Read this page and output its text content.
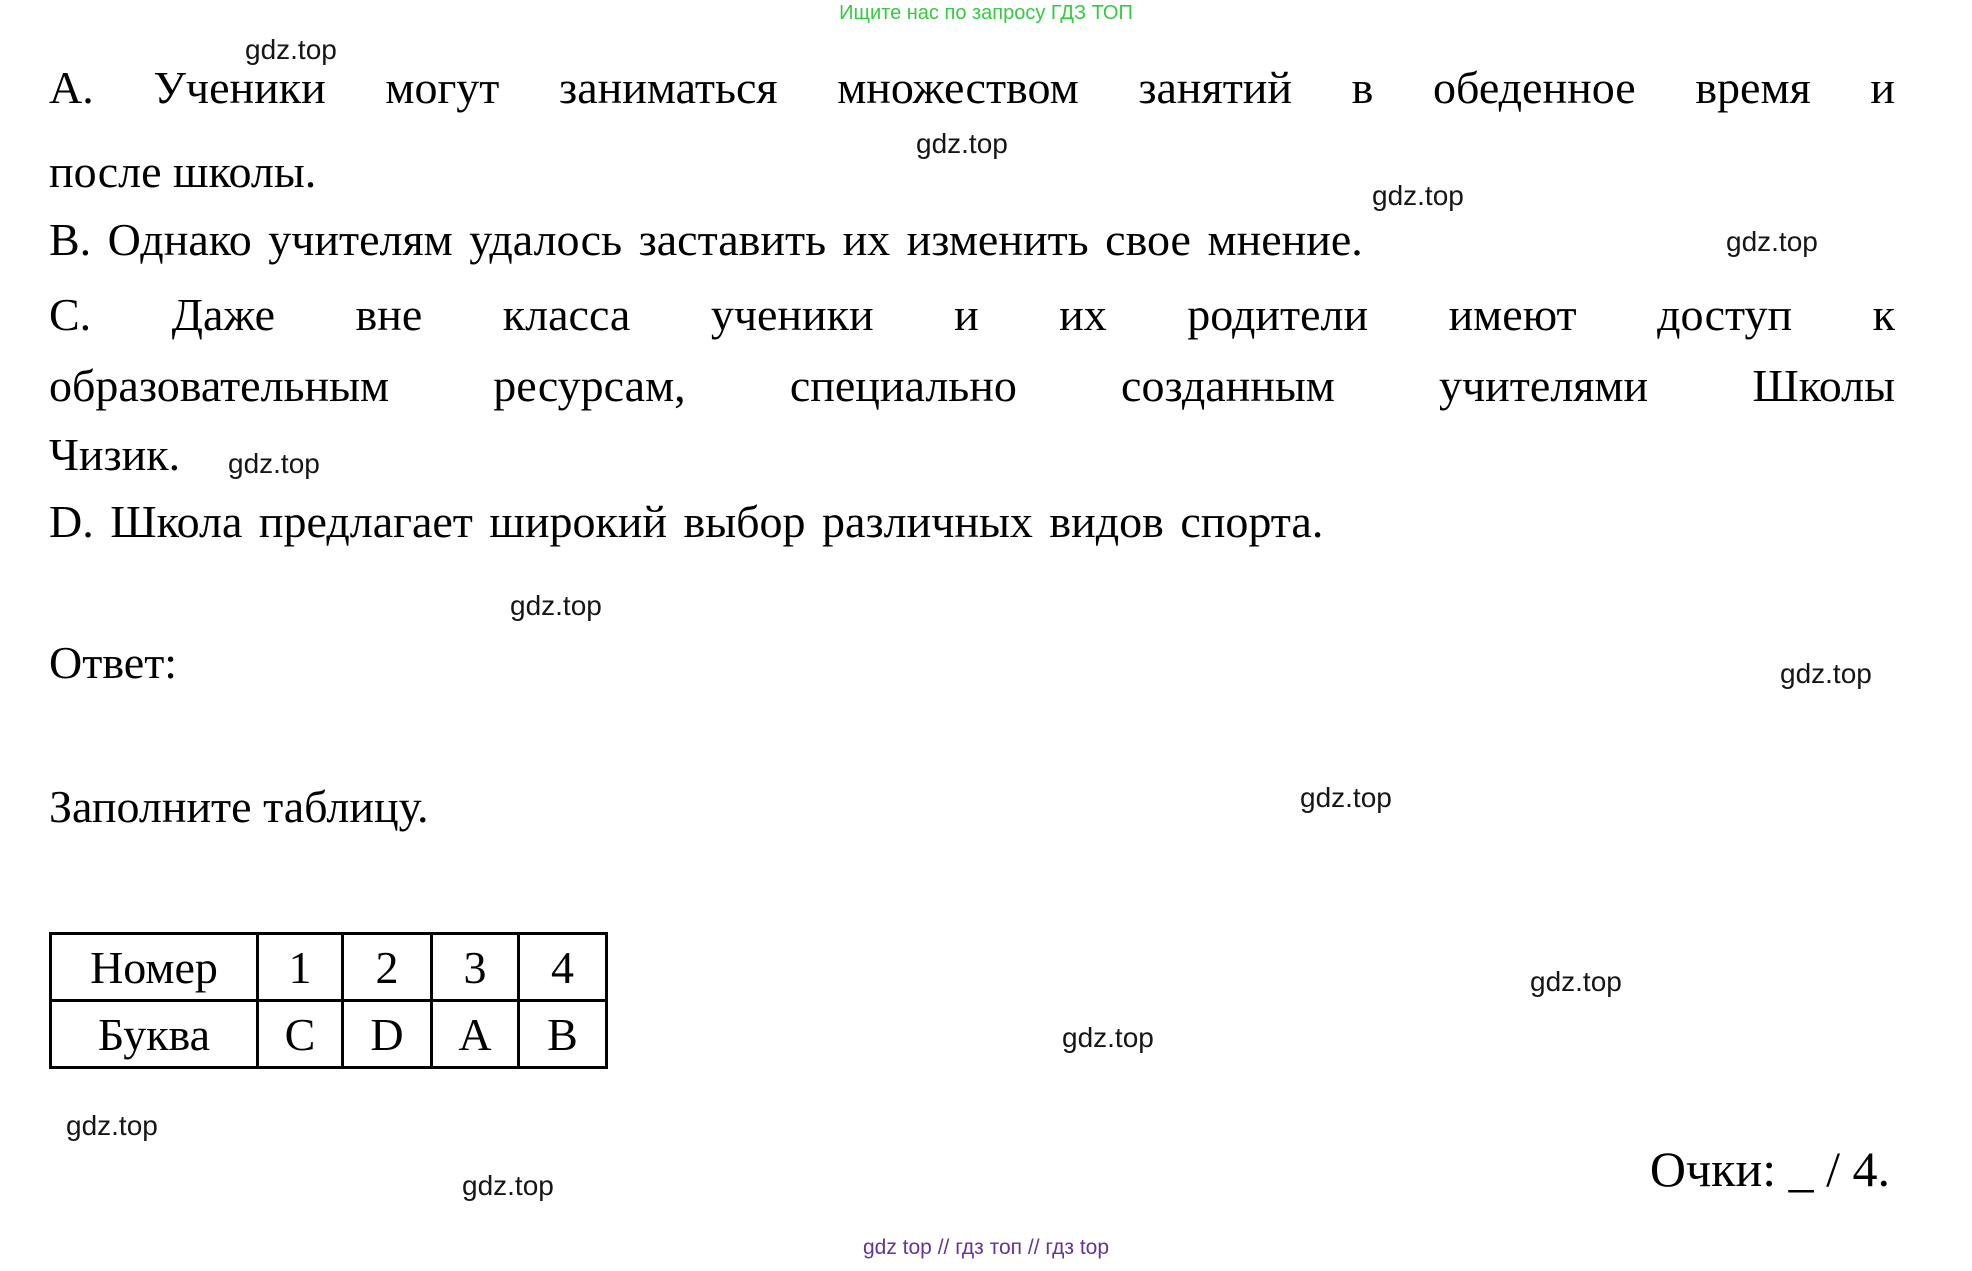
Ищите нас по запросу ГДЗ ТОП
gdz.top
gdz.top
gdz.top
gdz.top
gdz.top
gdz.top
gdz.top
gdz.top
gdz.top
gdz.top
gdz.top
gdz.top
А. Ученики могут заниматься множеством занятий в обеденное время и
после школы.
В. Однако учителям удалось заставить их изменить свое мнение.
С. Даже вне класса ученики и их родители имеют доступ к
образовательным ресурсам, специально созданным учителями Школы
Чизик.
D. Школа предлагает широкий выбор различных видов спорта.
Ответ:
Заполните таблицу.
Номер	1	2	3	4
Буква	C	D	A	B
Очки: _ / 4.
gdz top // гдз топ // гдз top
